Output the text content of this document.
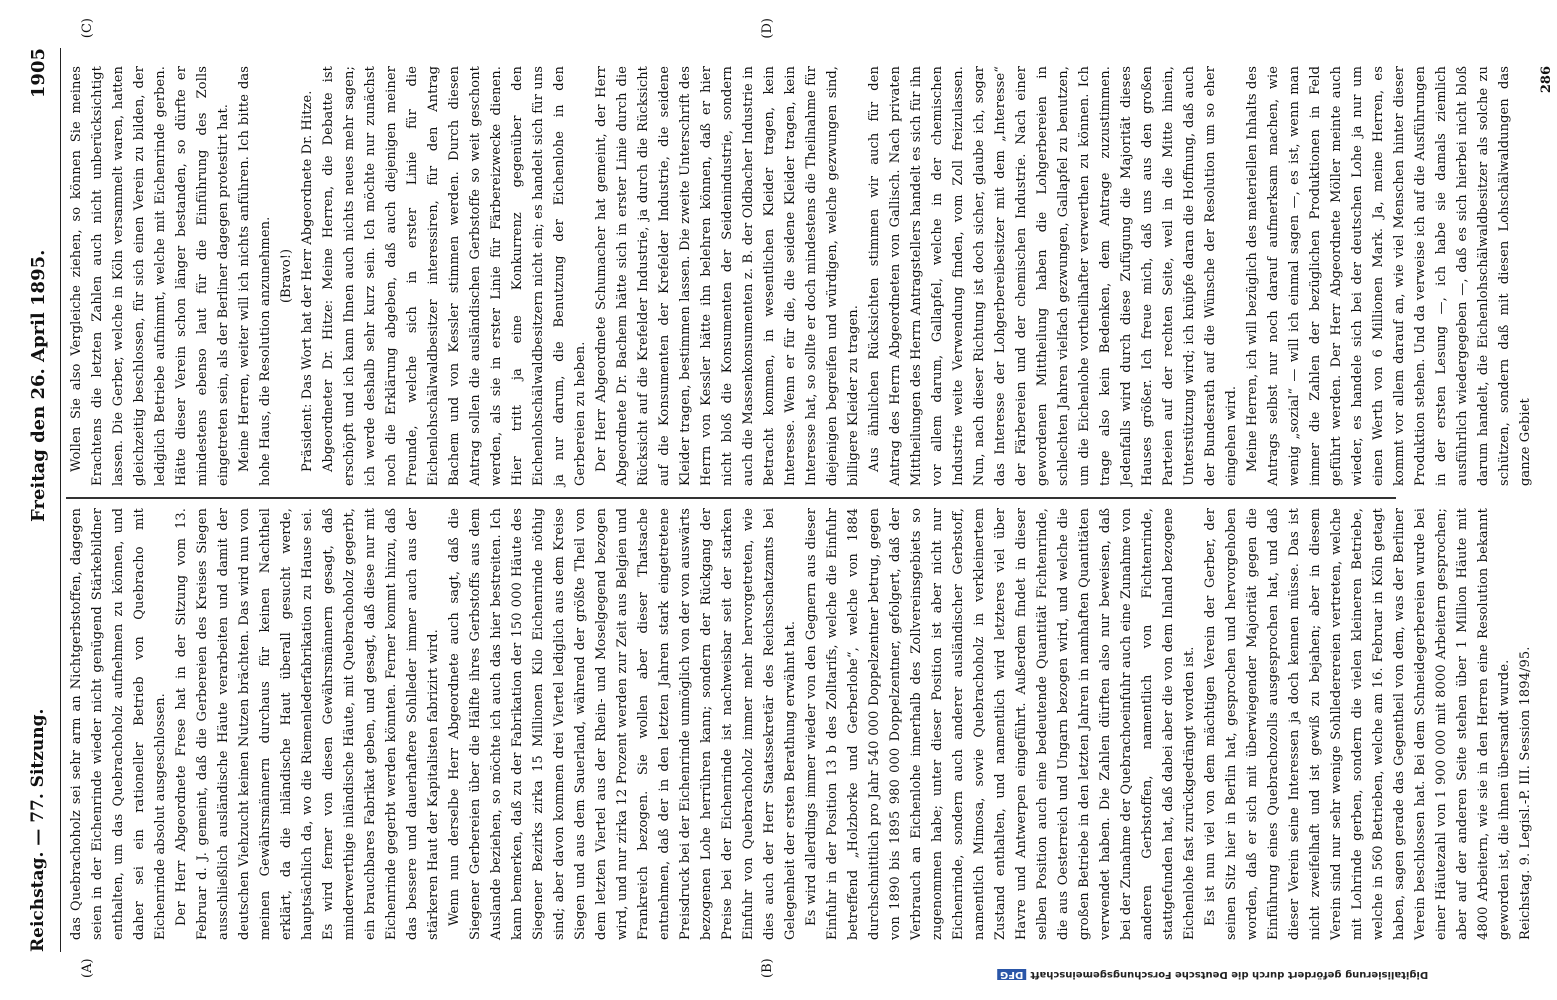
Reichstag. — 77. Sitzung.
Freitag den 26. April 1895.
1905
(A)	(B)
(C)	(D)

das Quebrachoholz sei sehr arm an Nichtgerbstoffen, dagegen seien in der Eichenrinde wieder nicht genügend Stärkebildner enthalten, um das Quebrachoholz aufnehmen zu können, und daher sei ein rationeller Betrieb von Quebracho mit Eichenrinde absolut ausgeschlossen. Der Herr Abgeordnete Frese hat in der Sitzung vom 13. Februar d. J. gemeint, daß die Gerbereien des Kreises Siegen ausschließlich ausländische Häute verarbeiten und damit der deutschen Viehzucht keinen Nutzen brächten. Das wird nun von meinen Gewährsmännern durchaus für keinen Nachtheil erklärt, da die inländische Haut überall gesucht werde, hauptsächlich da, wo die Riemenlederfabrikation zu Hause sei. Es wird ferner von diesen Gewährsmännern gesagt, daß minderwerthige inländische Häute, mit Quebrachoholz gegerbt, ein brauchbares Fabrikat geben, und gesagt, daß diese nur mit Eichenrinde gegerbt werden könnten. Ferner kommt hinzu, daß das bessere und dauerhaftere Sohlleder immer auch aus der stärkeren Haut der Kapitalisten fabrizirt wird. Wenn nun derselbe Herr Abgeordnete auch sagt, daß die Siegener Gerbereien über die Hälfte ihres Gerbstoffs aus dem Auslande beziehen, so möchte ich auch das hier bestreiten. Ich kann bemerken, daß zu der Fabrikation der 150 000 Häute des Siegener Bezirks zirka 15 Millionen Kilo Eichenrinde nöthig sind; aber davon kommen drei Viertel lediglich aus dem Kreise Siegen und aus dem Sauerland, während der größte Theil von dem letzten Viertel aus der Rhein- und Moselgegend bezogen wird, und nur zirka 12 Prozent werden zur Zeit aus Belgien und Frankreich bezogen. Sie wollen aber dieser Thatsache entnehmen, daß der in den letzten Jahren stark eingetretene Preisdruck bei der Eichenrinde unmöglich von der von auswärts bezogenen Lohe herrühren kann; sondern der Rückgang der Preise bei der Eichenrinde ist nachweisbar seit der starken Einfuhr von Quebrachoholz immer mehr hervorgetreten, wie dies auch der Herr Staatssekretär des Reichsschatzamts bei Gelegenheit der ersten Berathung erwähnt hat. Es wird allerdings immer wieder von den Gegnern aus dieser Einfuhr in der Position 13 b des Zolltarifs, welche die Einfuhr betreffend „Holzborke und Gerberlohe“, welche von 1884 durchschnittlich pro Jahr 540 000 Doppelzentner betrug, gegen von 1890 bis 1895 980 000 Doppelzentner, gefolgert, daß der Verbrauch an Eichenlohe innerhalb des Zollvereinsgebiets so zugenommen habe; unter dieser Position ist aber nicht nur Eichenrinde, sondern auch anderer ausländischer Gerbstoff, namentlich Mimosa, sowie Quebrachoholz in verkleinertem Zustand enthalten, und namentlich wird letzteres viel über Havre und Antwerpen eingeführt. Außerdem findet in dieser selben Position auch eine bedeutende Quantität Fichtenrinde, die aus Oesterreich und Ungarn bezogen wird, und welche die großen Betriebe in den letzten Jahren in namhaften Quantitäten verwendet haben. Die Zahlen dürften also nur beweisen, daß bei der Zunahme der Quebrachoeinfuhr auch eine Zunahme von anderen Gerbstoffen, namentlich von Fichtenrinde, stattgefunden hat, daß dabei aber die von dem Inland bezogene Eichenlohe fast zurückgedrängt worden ist. Es ist nun viel von dem mächtigen Verein der Gerber, der seinen Sitz hier in Berlin hat, gesprochen und hervorgehoben worden, daß er sich mit überwiegender Majorität gegen die Einführung eines Quebrachozolls ausgesprochen hat, und daß dieser Verein seine Interessen ja doch kennen müsse. Das ist nicht zweifelhaft und ist gewiß zu bejahen; aber in diesem Verein sind nur sehr wenige Sohllederereien vertreten, welche mit Lohrinde gerben, sondern die vielen kleineren Betriebe, welche in 560 Betrieben, welche am 16. Februar in Köln getagt haben, sagen gerade das Gegentheil von dem, was der Berliner Verein beschlossen hat. Bei dem Schneidegerbereien wurde bei einer Häutezahl von 1 900 000 mit 8000 Arbeitern gesprochen; aber auf der anderen Seite stehen über 1 Million Häute mit 4800 Arbeitern, wie sie in den Herren eine Resolution bekannt geworden ist, die ihnen übersandt wurde. Reichstag. 9. Legisl.-P. III. Session 1894/95.

Wollen Sie also Vergleiche ziehen, so können Sie meines Erachtens die letzten Zahlen auch nicht unberücksichtigt lassen. Die Gerber, welche in Köln versammelt waren, hatten gleichzeitig beschlossen, für sich einen Verein zu bilden, der lediglich Betriebe aufnimmt, welche mit Eichenrinde gerben. Hätte dieser Verein schon länger bestanden, so dürfte er mindestens ebenso laut für die Einführung des Zolls eingetreten sein, als der Berliner dagegen protestirt hat. Meine Herren, weiter will ich nichts anführen. Ich bitte das hohe Haus, die Resolution anzunehmen. (Bravo!) Präsident: Das Wort hat der Herr Abgeordnete Dr. Hitze. Abgeordneter Dr. Hitze: Meine Herren, die Debatte ist erschöpft und ich kann Ihnen auch nichts neues mehr sagen; ich werde deshalb sehr kurz sein. Ich möchte nur zunächst noch die Erklärung abgeben, daß auch diejenigen meiner Freunde, welche sich in erster Linie für die Eichenlohschälwaldbesitzer interessiren, für den Antrag Bachem und von Kessler stimmen werden. Durch diesen Antrag sollen die ausländischen Gerbstoffe so weit geschont werden, als sie in erster Linie für Färbereizwecke dienen. Hier tritt ja eine Konkurrenz gegenüber den Eichenlohschälwaldbesitzern nicht ein; es handelt sich für uns ja nur darum, die Benutzung der Eichenlohe in den Gerbereien zu heben. Der Herr Abgeordnete Schumacher hat gemeint, der Herr Abgeordnete Dr. Bachem hätte sich in erster Linie durch die Rücksicht auf die Krefelder Industrie, ja durch die Rücksicht auf die Konsumenten der Krefelder Industrie, die seidene Kleider tragen, bestimmen lassen. Die zweite Unterschrift des Herrn von Kessler hätte ihn belehren können, daß er hier nicht bloß die Konsumenten der Seidenindustrie, sondern auch die Massenkonsumenten z. B. der Oldbacher Industrie in Betracht kommen, in wesentlichen Kleider tragen, kein Interesse. Wenn er für die, die seidene Kleider tragen, kein Interesse hat, so sollte er doch mindestens die Theilnahme für diejenigen begreifen und würdigen, welche gezwungen sind, billigere Kleider zu tragen. Aus ähnlichen Rücksichten stimmen wir auch für den Antrag des Herrn Abgeordneten von Gallisch. Nach privaten Mittheilungen des Herrn Antragstellers handelt es sich für ihn vor allem darum, Gallapfel, welche in der chemischen Industrie weite Verwendung finden, vom Zoll freizulassen. Nun, nach dieser Richtung ist doch sicher, glaube ich, sogar das Interesse der Lohgerbereibesitzer mit dem „Interesse“ der Färbereien und der chemischen Industrie. Nach einer gewordenen Mittheilung haben die Lohgerbereien in schlechten Jahren vielfach gezwungen, Gallapfel zu benutzen, um die Eichenlohe vortheilhafter verwerthen zu können. Ich trage also kein Bedenken, dem Antrage zuzustimmen. Jedenfalls wird durch diese Zufügung die Majorität dieses Hauses größer. Ich freue mich, daß uns aus den großen Parteien auf der rechten Seite, weil in die Mitte hinein, Unterstützung wird; ich knüpfe daran die Hoffnung, daß auch der Bundesrath auf die Wünsche der Resolution um so eher eingehen wird. Meine Herren, ich will bezüglich des materiellen Inhalts des Antrags selbst nur noch darauf aufmerksam machen, wie wenig „sozial“ — will ich einmal sagen —, es ist, wenn man immer die Zahlen der bezüglichen Produktionen in Feld geführt werden. Der Herr Abgeordnete Möller meinte auch wieder, es handele sich bei der deutschen Lohe ja nur um einen Werth von 6 Millionen Mark. Ja, meine Herren, es kommt vor allem darauf an, wie viel Menschen hinter dieser Produktion stehen. Und da verweise ich auf die Ausführungen in der ersten Lesung —, ich habe sie damals ziemlich ausführlich wiedergegeben —, daß es sich hierbei nicht bloß darum handelt, die Eichenlohschälwaldbesitzer als solche zu schützen, sondern daß mit diesen Lohschälwaldungen das ganze Gebiet

286

Digitalisierung gefördert durch die Deutsche ForschungsgemeinschaftDFG
